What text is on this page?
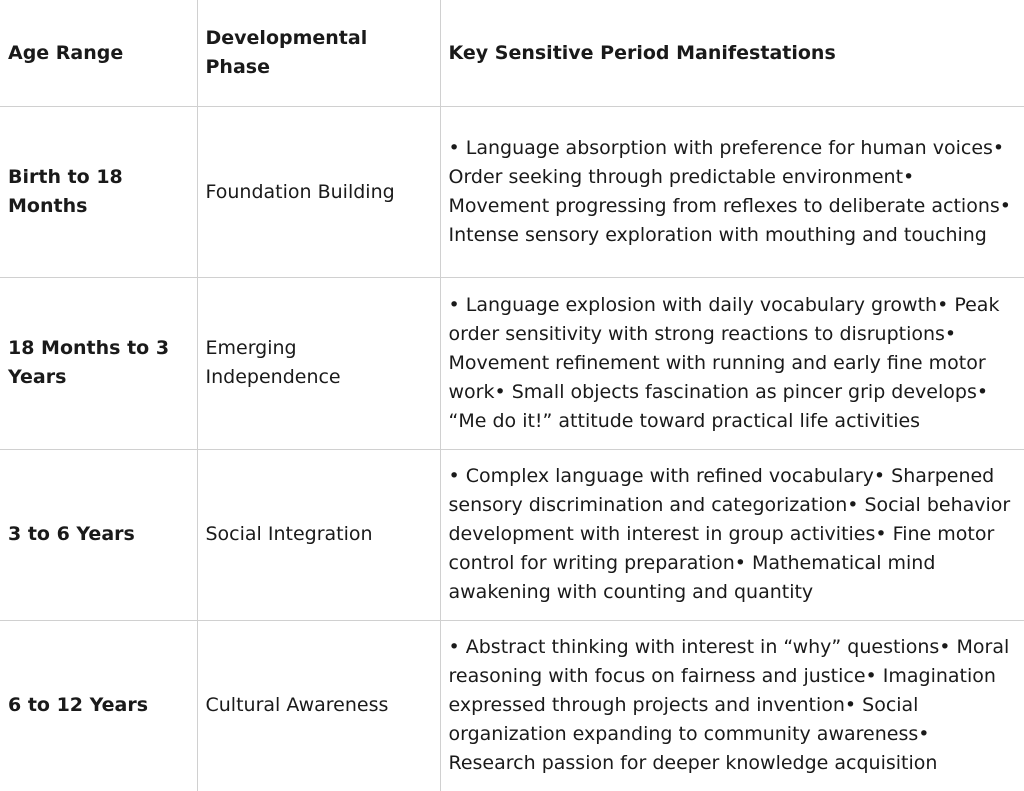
Age Range	Developmental Phase	Key Sensitive Period Manifestations
Birth to 18 Months	Foundation Building	• Language absorption with preference for human voices• Order seeking through predictable environment• Movement progressing from reflexes to deliberate actions• Intense sensory exploration with mouthing and touching
18 Months to 3 Years	Emerging Independence	• Language explosion with daily vocabulary growth• Peak order sensitivity with strong reactions to disruptions• Movement refinement with running and early fine motor work• Small objects fascination as pincer grip develops• “Me do it!” attitude toward practical life activities
3 to 6 Years	Social Integration	• Complex language with refined vocabulary• Sharpened sensory discrimination and categorization• Social behavior development with interest in group activities• Fine motor control for writing preparation• Mathematical mind awakening with counting and quantity
6 to 12 Years	Cultural Awareness	• Abstract thinking with interest in “why” questions• Moral reasoning with focus on fairness and justice• Imagination expressed through projects and invention• Social organization expanding to community awareness• Research passion for deeper knowledge acquisition
